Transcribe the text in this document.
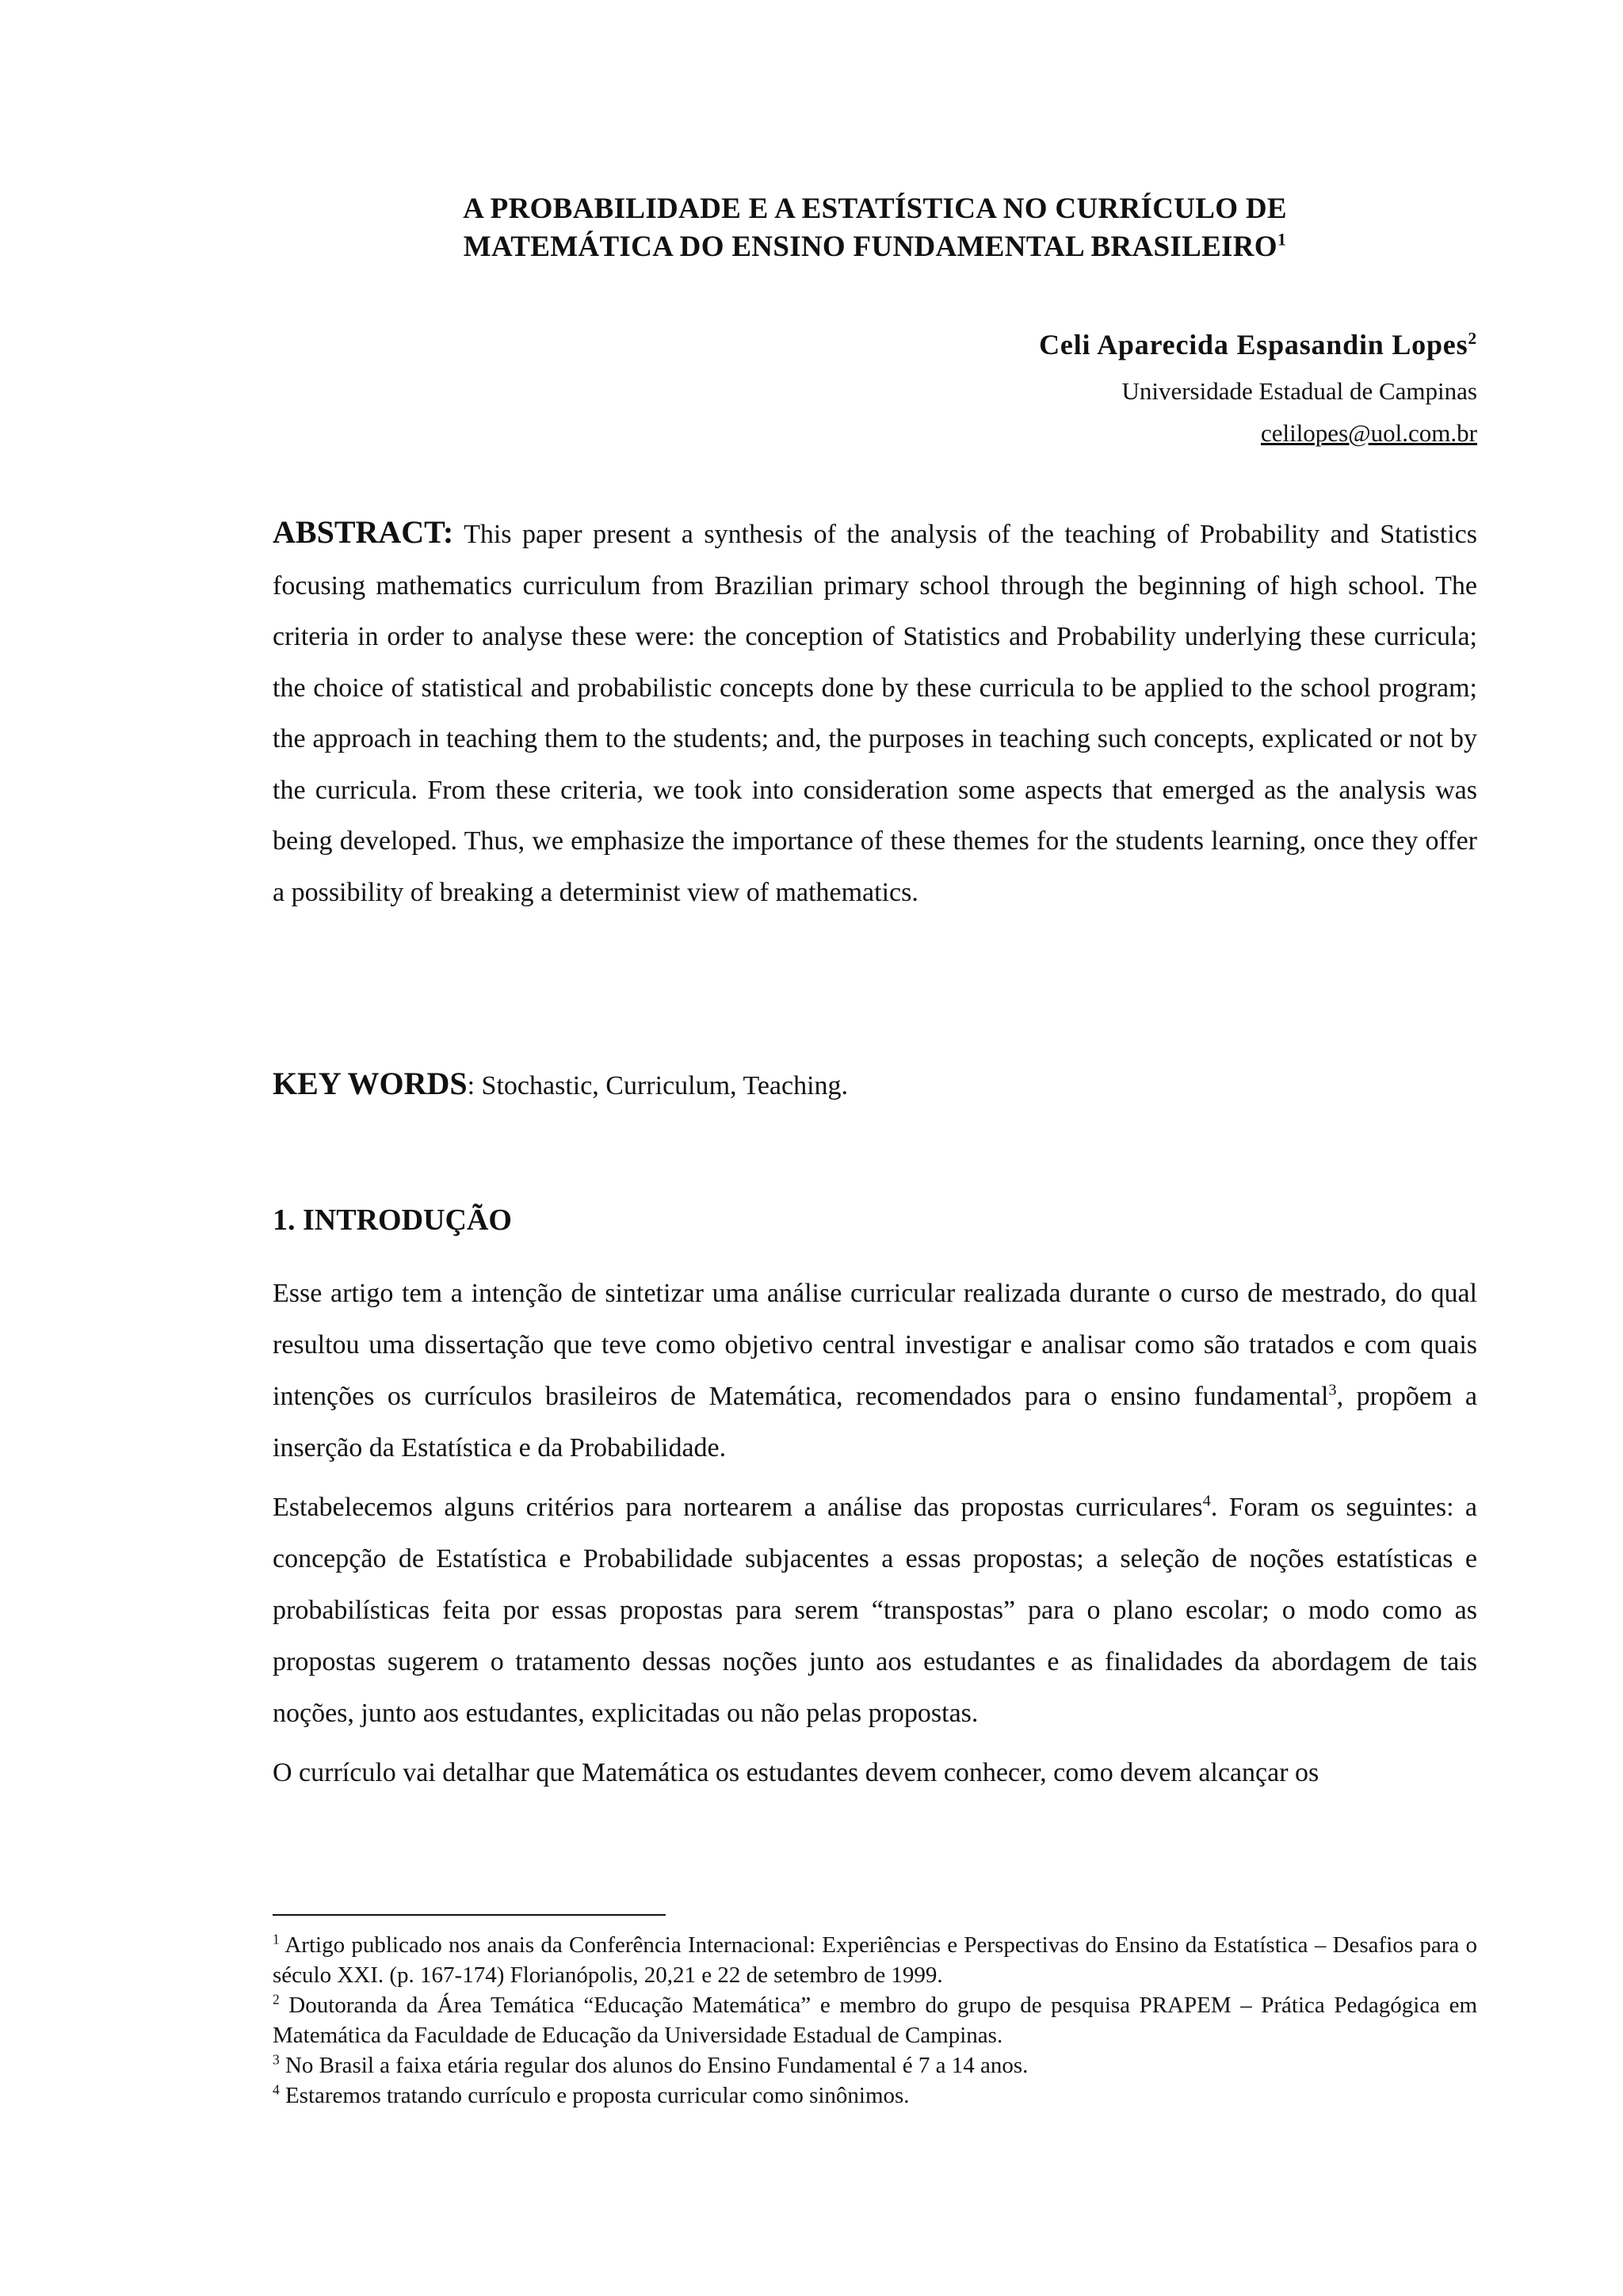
A PROBABILIDADE E A ESTATÍSTICA NO CURRÍCULO DE
MATEMÁTICA DO ENSINO FUNDAMENTAL BRASILEIRO$^1$
Celi Aparecida Espasandin Lopes$^2$
Universidade Estadual de Campinas
celilopes@uol.com.br
ABSTRACT: This paper present a synthesis of the analysis of the teaching of Probability and Statistics focusing mathematics curriculum from Brazilian primary school through the beginning of high school. The criteria in order to analyse these were: the conception of Statistics and Probability underlying these curricula; the choice of statistical and probabilistic concepts done by these curricula to be applied to the school program; the approach in teaching them to the students; and, the purposes in teaching such concepts, explicated or not by the curricula. From these criteria, we took into consideration some aspects that emerged as the analysis was being developed. Thus, we emphasize the importance of these themes for the students learning, once they offer a possibility of breaking a determinist view of mathematics.
KEY WORDS: Stochastic, Curriculum, Teaching.
1. INTRODUÇÃO

Esse artigo tem a intenção de sintetizar uma análise curricular realizada durante o curso de mestrado, do qual resultou uma dissertação que teve como objetivo central investigar e analisar como são tratados e com quais intenções os currículos brasileiros de Matemática, recomendados para o ensino fundamental$^3$, propõem a inserção da Estatística e da Probabilidade.

Estabelecemos alguns critérios para nortearem a análise das propostas curriculares$^4$. Foram os seguintes: a concepção de Estatística e Probabilidade subjacentes a essas propostas; a seleção de noções estatísticas e probabilísticas feita por essas propostas para serem “transpostas” para o plano escolar; o modo como as propostas sugerem o tratamento dessas noções junto aos estudantes e as finalidades da abordagem de tais noções, junto aos estudantes, explicitadas ou não pelas propostas.

O currículo vai detalhar que Matemática os estudantes devem conhecer, como devem alcançar os

$^1$ Artigo publicado nos anais da Conferência Internacional: Experiências e Perspectivas do Ensino da Estatística – Desafios para o século XXI. (p. 167-174) Florianópolis, 20,21 e 22 de setembro de 1999.

$^2$ Doutoranda da Área Temática “Educação Matemática” e membro do grupo de pesquisa PRAPEM – Prática Pedagógica em Matemática da Faculdade de Educação da Universidade Estadual de Campinas.

$^3$ No Brasil a faixa etária regular dos alunos do Ensino Fundamental é 7 a 14 anos.

$^4$ Estaremos tratando currículo e proposta curricular como sinônimos.
